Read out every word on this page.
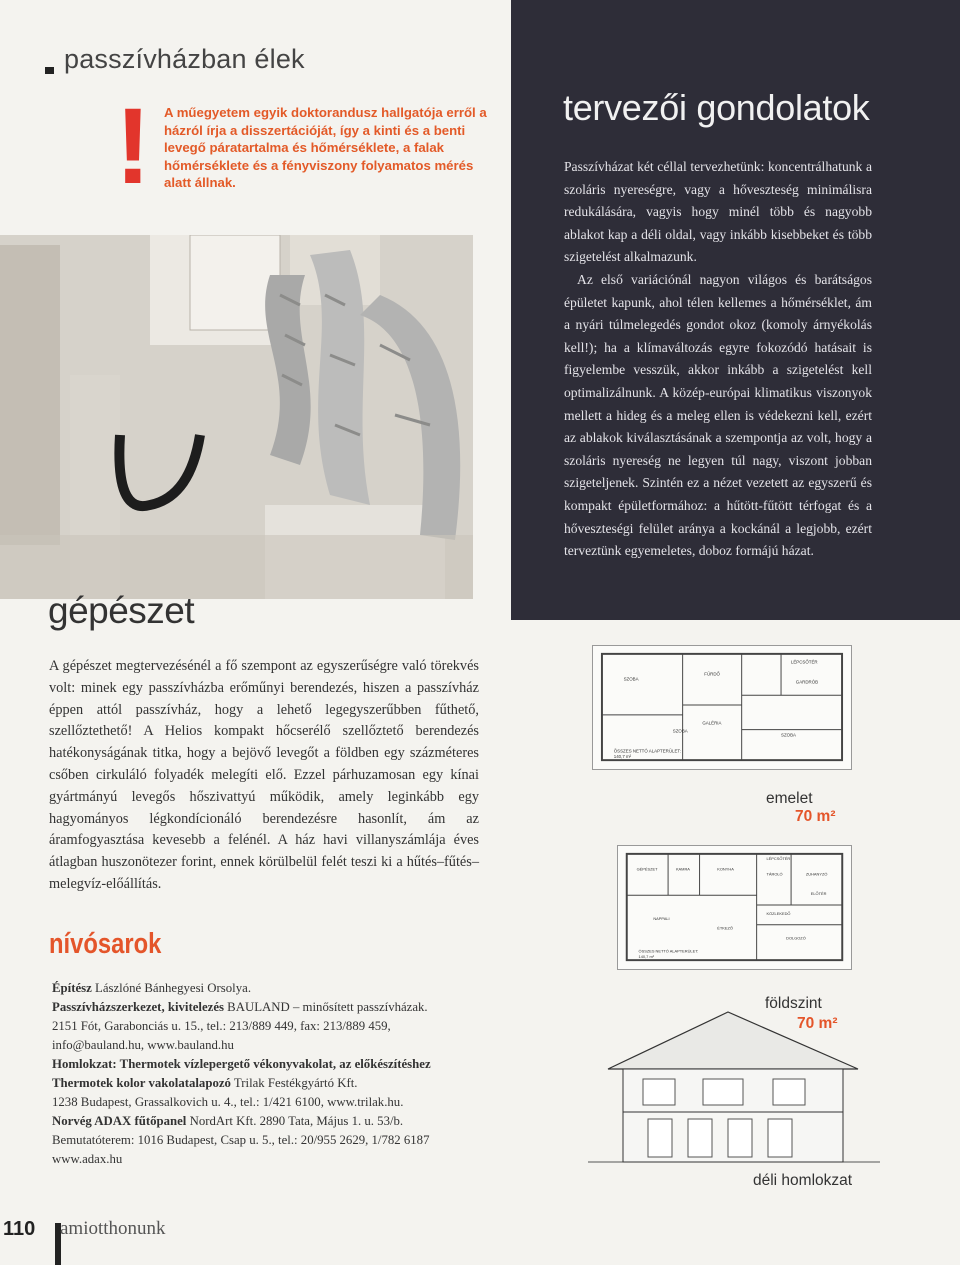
passzívházban élek
! A műegyetem egyik doktorandusz hallgatója erről a házról írja a disszertációját, így a kinti és a benti levegő páratartalma és hőmérséklete, a falak hőmérséklete és a fényviszony folyamatos mérés alatt állnak.
gépészet

A gépészet megtervezésénél a fő szempont az egyszerűségre való törekvés volt: minek egy passzívházba erőműnyi berendezés, hiszen a passzívház éppen attól passzívház, hogy a lehető legegyszerűbben fűthető, szellőztethető! A Helios kompakt hőcserélő szellőztető berendezés hatékonyságának titka, hogy a bejövő levegőt a földben egy százméteres csőben cirkuláló folyadék melegíti elő. Ezzel párhuzamosan egy kínai gyártmányú levegős hőszivattyú működik, amely leginkább egy hagyományos légkondícionáló berendezésre hasonlít, ám az áramfogyasztása kevesebb a felénél. A ház havi villanyszámlája éves átlagban huszonötezer forint, ennek körülbelül felét teszi ki a hűtés–fűtés–melegvíz-előállítás.

nívósarok
Építész Lászlóné Bánhegyesi Orsolya.
Passzívházszerkezet, kivitelezés BAULAND – minősített passzívházak.
2151 Fót, Garabonciás u. 15., tel.: 213/889 449, fax: 213/889 459,
info@bauland.hu, www.bauland.hu
Homlokzat: Thermotek vízlepergető vékonyvakolat, az előkészítéshez
Thermotek kolor vakolatalapozó Trilak Festékgyártó Kft.
1238 Budapest, Grassalkovich u. 4., tel.: 1/421 6100, www.trilak.hu.
Norvég ADAX fűtőpanel NordArt Kft. 2890 Tata, Május 1. u. 53/b.
Bemutatóterem: 1016 Budapest, Csap u. 5., tel.: 20/955 2629, 1/782 6187
www.adax.hu
110 amiotthonunk
tervezői gondolatok

Passzívházat két céllal tervezhetünk: koncentrálhatunk a szoláris nyereségre, vagy a hőveszteség minimálisra redukálására, vagyis hogy minél több és nagyobb ablakot kap a déli oldal, vagy inkább kisebbeket és több szigetelést alkalmazunk.

Az első variációnál nagyon világos és barátságos épületet kapunk, ahol télen kellemes a hőmérséklet, ám a nyári túlmelegedés gondot okoz (komoly árnyékolás kell!); ha a klímaváltozás egyre fokozódó hatásait is figyelembe vesszük, akkor inkább a szigetelést kell optimalizálnunk. A közép-európai klimatikus viszonyok mellett a hideg és a meleg ellen is védekezni kell, ezért az ablakok kiválasztásának a szempontja az volt, hogy a szoláris nyereség ne legyen túl nagy, viszont jobban szigeteljenek. Szintén ez a nézet vezetett az egyszerű és kompakt épületformához: a hűtött-fűtött térfogat és a hőveszteségi felület aránya a kockánál a legjobb, ezért terveztünk egyemeletes, doboz formájú házat.

SZOBA
FÜRDŐ
LÉPCSŐTÉR
GARDRÓB
GALÉRIA
SZOBA
SZOBA
ÖSSZES NETTÓ ALAPTERÜLET:
140,7 m²
emelet
70 m²
GÉPÉSZET	KAMRA	KONYHA
LÉPCSŐTÉR
TÁROLÓ	ZUHANYZÓ
ELŐTÉR
KÖZLEKEDŐ
NAPPALI
ÉTKEZŐ
DOLGOZÓ
ÖSSZES NETTÓ ALAPTERÜLET:
140,7 m²
földszint
70 m²
déli homlokzat
